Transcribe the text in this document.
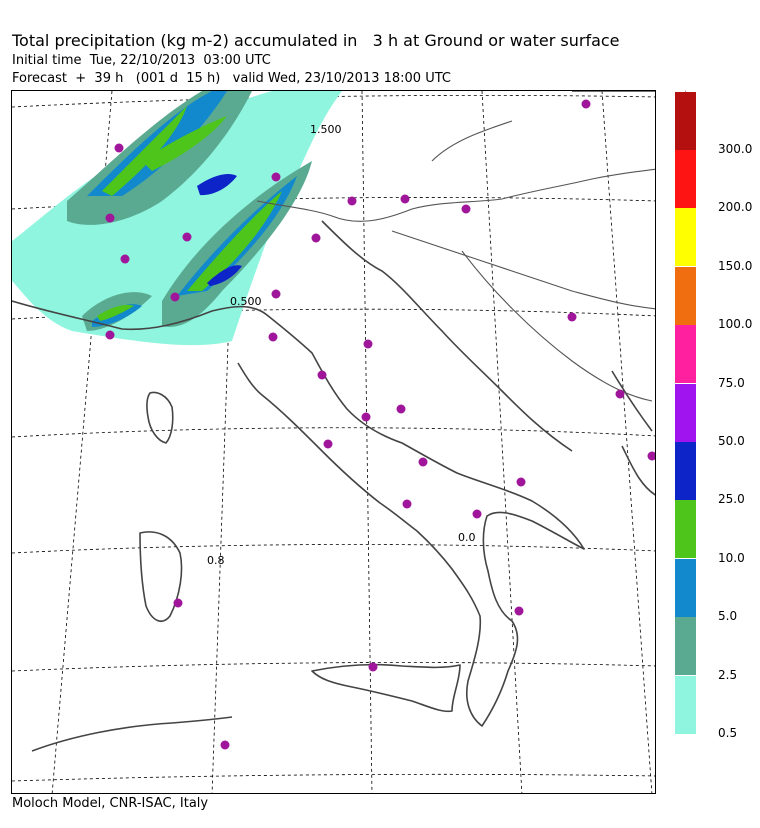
Total precipitation (kg m-2) accumulated in   3 h at Ground or water surface
Initial time  Tue, 22/10/2013  03:00 UTC
Forecast  +  39 h   (001 d  15 h)   valid Wed, 23/10/2013 18:00 UTC
1.500
0.500
0.0
0.8
0.5
2.5
5.0
10.0
25.0
50.0
75.0
100.0
150.0
200.0
300.0
Moloch Model, CNR-ISAC, Italy
